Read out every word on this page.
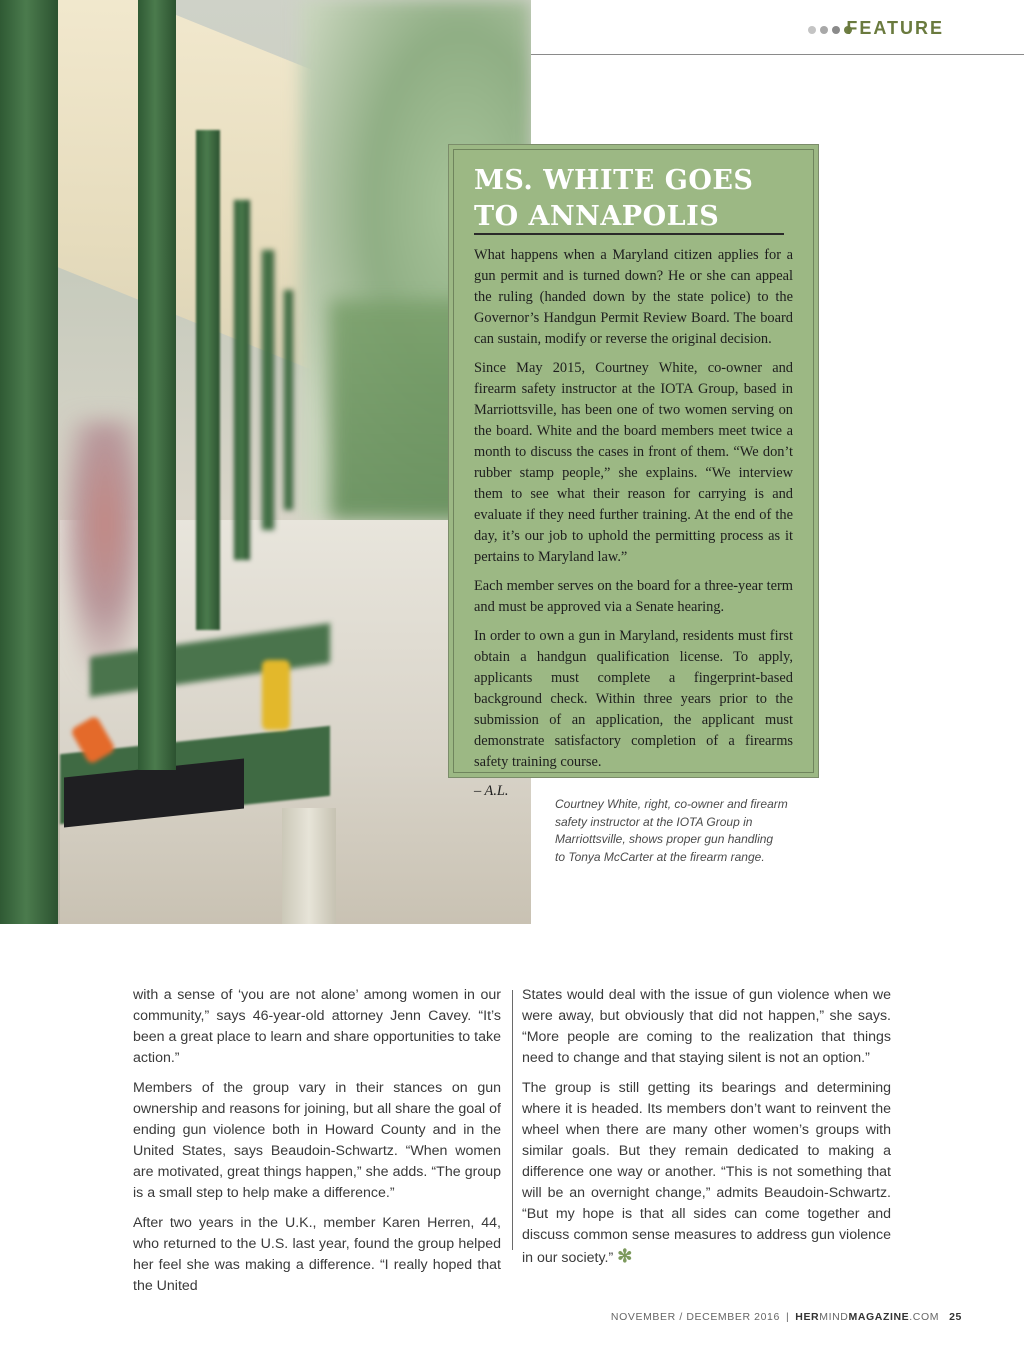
FEATURE
MS. WHITE GOES
TO ANNAPOLIS

What happens when a Maryland citizen applies for a gun permit and is turned down? He or she can appeal the ruling (handed down by the state police) to the Governor’s Handgun Permit Review Board. The board can sustain, modify or reverse the original decision.

Since May 2015, Courtney White, co-owner and firearm safety instructor at the IOTA Group, based in Marriottsville, has been one of two women serving on the board. White and the board members meet twice a month to discuss the cases in front of them. “We don’t rubber stamp people,” she explains. “We interview them to see what their reason for carrying is and evaluate if they need further training. At the end of the day, it’s our job to uphold the permitting process as it pertains to Maryland law.”

Each member serves on the board for a three-year term and must be approved via a Senate hearing.

In order to own a gun in Maryland, residents must first obtain a handgun qualification license. To apply, applicants must complete a fingerprint-based background check. Within three years prior to the submission of an application, the applicant must demonstrate satisfactory completion of a firearms safety training course.

– A.L.

Courtney White, right, co-owner and firearm
safety instructor at the IOTA Group in
Marriottsville, shows proper gun handling
to Tonya McCarter at the firearm range.

with a sense of ‘you are not alone’ among women in our community,” says 46-year-old attorney Jenn Cavey. “It’s been a great place to learn and share opportunities to take action.”

Members of the group vary in their stances on gun ownership and reasons for joining, but all share the goal of ending gun violence both in Howard County and in the United States, says Beaudoin-Schwartz. “When women are motivated, great things happen,” she adds. “The group is a small step to help make a difference.”

After two years in the U.K., member Karen Herren, 44, who returned to the U.S. last year, found the group helped her feel she was making a difference. “I really hoped that the United

States would deal with the issue of gun violence when we were away, but obviously that did not happen,” she says. “More people are coming to the realization that things need to change and that staying silent is not an option.”

The group is still getting its bearings and determining where it is headed. Its members don’t want to reinvent the wheel when there are many other women’s groups with similar goals. But they remain dedicated to making a difference one way or another. “This is not something that will be an overnight change,” admits Beaudoin-Schwartz. “But my hope is that all sides can come together and discuss common sense measures to address gun violence in our society.” ✻

NOVEMBER / DECEMBER 2016 | HERMINDMAGAZINE.COM 25
